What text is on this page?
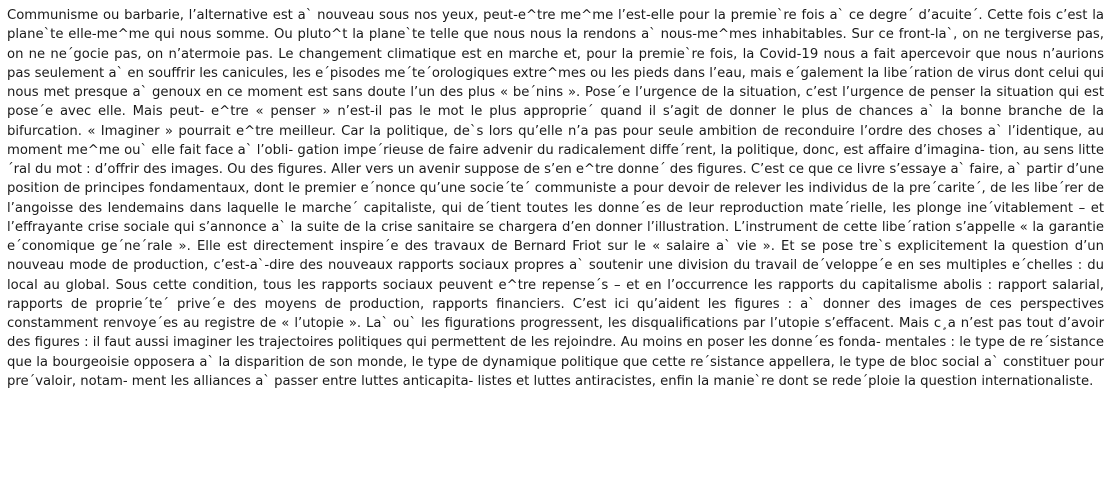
Communisme ou barbarie, l’alternative est a` nouveau sous nos yeux, peut-e^tre me^me l’est-elle pour la premie`re fois a` ce degre´ d’acuite´. Cette fois c’est la plane`te elle-me^me qui nous somme. Ou pluto^t la plane`te telle que nous nous la rendons a` nous-me^mes inhabitables. Sur ce front-la`, on ne tergiverse pas, on ne ne´gocie pas, on n’atermoie pas. Le changement climatique est en marche et, pour la premie`re fois, la Covid-19 nous a fait apercevoir que nous n’aurions pas seulement a` en souffrir les canicules, les e´pisodes me´te´orologiques extre^mes ou les pieds dans l’eau, mais e´galement la libe´ration de virus dont celui qui nous met presque a` genoux en ce moment est sans doute l’un des plus « be´nins ». Pose´e l’urgence de la situation, c’est l’urgence de penser la situation qui est pose´e avec elle. Mais peut- e^tre « penser » n’est-il pas le mot le plus approprie´ quand il s’agit de donner le plus de chances a` la bonne branche de la bifurcation. « Imaginer » pourrait e^tre meilleur. Car la politique, de`s lors qu’elle n’a pas pour seule ambition de reconduire l’ordre des choses a` l’identique, au moment me^me ou` elle fait face a` l’obli- gation impe´rieuse de faire advenir du radicalement diffe´rent, la politique, donc, est affaire d’imagina- tion, au sens litte´ral du mot : d’offrir des images. Ou des figures. Aller vers un avenir suppose de s’en e^tre donne´ des figures. C’est ce que ce livre s’essaye a` faire, a` partir d’une position de principes fondamentaux, dont le premier e´nonce qu’une socie´te´ communiste a pour devoir de relever les individus de la pre´carite´, de les libe´rer de l’angoisse des lendemains dans laquelle le marche´ capitaliste, qui de´tient toutes les donne´es de leur reproduction mate´rielle, les plonge ine´vitablement – et l’effrayante crise sociale qui s’annonce a` la suite de la crise sanitaire se chargera d’en donner l’illustration. L’instrument de cette libe´ration s’appelle « la garantie e´conomique ge´ne´rale ». Elle est directement inspire´e des travaux de Bernard Friot sur le « salaire a` vie ». Et se pose tre`s explicitement la question d’un nouveau mode de production, c’est-a`-dire des nouveaux rapports sociaux propres a` soutenir une division du travail de´veloppe´e en ses multiples e´chelles : du local au global. Sous cette condition, tous les rapports sociaux peuvent e^tre repense´s – et en l’occurrence les rapports du capitalisme abolis : rapport salarial, rapports de proprie´te´ prive´e des moyens de production, rapports financiers. C’est ici qu’aident les figures : a` donner des images de ces perspectives constamment renvoye´es au registre de « l’utopie ». La` ou` les figurations progressent, les disqualifications par l’utopie s’effacent. Mais c¸a n’est pas tout d’avoir des figures : il faut aussi imaginer les trajectoires politiques qui permettent de les rejoindre. Au moins en poser les donne´es fonda- mentales : le type de re´sistance que la bourgeoisie opposera a` la disparition de son monde, le type de dynamique politique que cette re´sistance appellera, le type de bloc social a` constituer pour pre´valoir, notam- ment les alliances a` passer entre luttes anticapita- listes et luttes antiracistes, enfin la manie`re dont se rede´ploie la question internationaliste.
